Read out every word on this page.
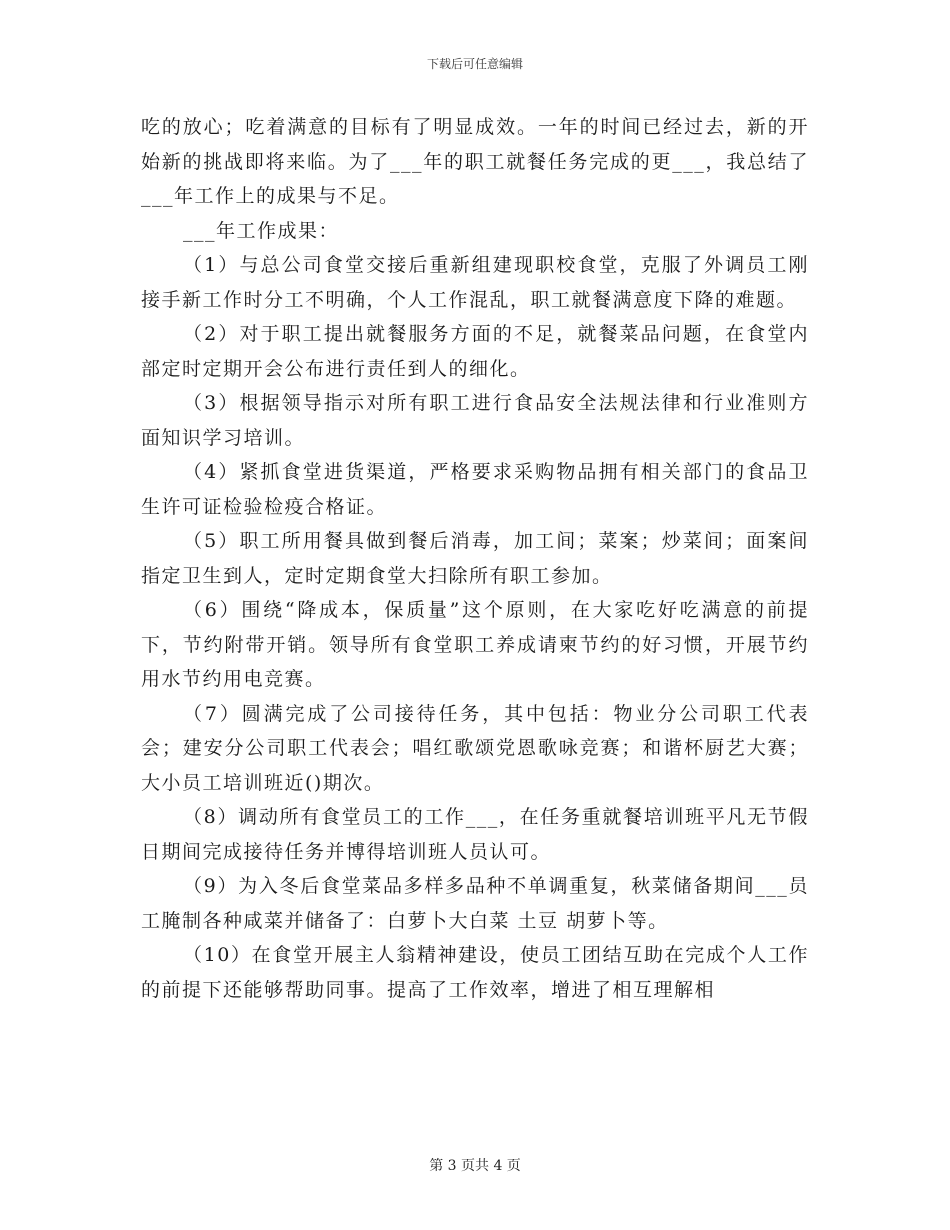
下载后可任意编辑

吃的放心；吃着满意的目标有了明显成效。一年的时间已经过去，新的开始新的挑战即将来临。为了___年的职工就餐任务完成的更___，我总结了___年工作上的成果与不足。

___年工作成果：

（1）与总公司食堂交接后重新组建现职校食堂，克服了外调员工刚接手新工作时分工不明确，个人工作混乱，职工就餐满意度下降的难题。

（2）对于职工提出就餐服务方面的不足，就餐菜品问题，在食堂内部定时定期开会公布进行责任到人的细化。

（3）根据领导指示对所有职工进行食品安全法规法律和行业准则方面知识学习培训。

（4）紧抓食堂进货渠道，严格要求采购物品拥有相关部门的食品卫生许可证检验检疫合格证。

（5）职工所用餐具做到餐后消毒，加工间；菜案；炒菜间；面案间指定卫生到人，定时定期食堂大扫除所有职工参加。

（6）围绕“降成本，保质量”这个原则，在大家吃好吃满意的前提下，节约附带开销。领导所有食堂职工养成请柬节约的好习惯，开展节约用水节约用电竞赛。

（7）圆满完成了公司接待任务，其中包括：物业分公司职工代表会；建安分公司职工代表会；唱红歌颂党恩歌咏竞赛；和谐杯厨艺大赛；大小员工培训班近()期次。

（8）调动所有食堂员工的工作___，在任务重就餐培训班平凡无节假日期间完成接待任务并博得培训班人员认可。

（9）为入冬后食堂菜品多样多品种不单调重复，秋菜储备期间___员工腌制各种咸菜并储备了：白萝卜大白菜 土豆 胡萝卜等。

（10）在食堂开展主人翁精神建设，使员工团结互助在完成个人工作的前提下还能够帮助同事。提高了工作效率，增进了相互理解相

第 3 页共 4 页
